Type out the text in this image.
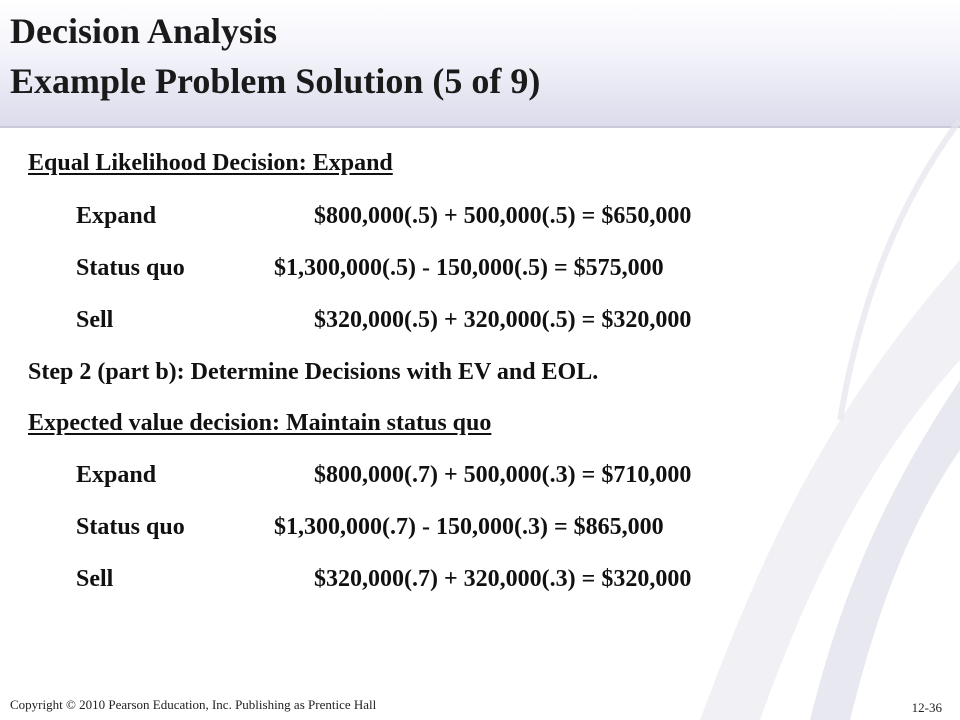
Decision Analysis
Example Problem Solution (5 of 9)
Equal Likelihood Decision: Expand
Expand	$800,000(.5) + 500,000(.5) = $650,000
Status quo	$1,300,000(.5) - 150,000(.5) = $575,000
Sell	$320,000(.5) + 320,000(.5) = $320,000
Step 2 (part b): Determine Decisions with EV and EOL.
Expected value decision: Maintain status quo
Expand	$800,000(.7) + 500,000(.3) = $710,000
Status quo	$1,300,000(.7) - 150,000(.3) = $865,000
Sell	$320,000(.7) + 320,000(.3) = $320,000
Copyright © 2010 Pearson Education, Inc. Publishing as Prentice Hall	12-36
